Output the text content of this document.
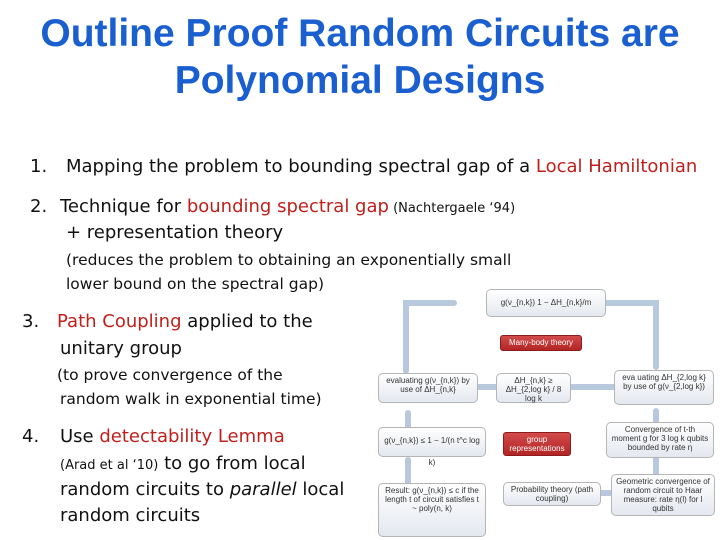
Outline Proof Random Circuits are
Polynomial Designs
1. Mapping the problem to bounding spectral gap of a Local Hamiltonian
2. Technique for bounding spectral gap (Nachtergaele ‘94)
+ representation theory
(reduces the problem to obtaining an exponentially small
lower bound on the spectral gap)
3. Path Coupling applied to the
unitary group
(to prove convergence of the
random walk in exponential time)
4. Use detectability Lemma
(Arad et al ‘10) to go from local
random circuits to parallel local
random circuits
g(ν_{n,k}) 1 − ΔH_{n,k}/m
Many-body theory
evaluating g(ν_{n,k}) by use of ΔH_{n,k}
ΔH_{n,k} ≥ ΔH_{2,log k} / 8 log k
eva uating ΔH_{2,log k} by use of g(ν_{2,log k})
g(ν_{n,k}) ≤ 1 − 1/(n t^c log k)
group representations
Convergence of t-th moment g for 3 log k qubits bounded by rate η
Result: g(ν_{n,k}) ≤ c if the length t of circuit satisfies t ~ poly(n, k)
Probability theory (path coupling)
Geometric convergence of random circuit to Haar measure: rate η(l) for l qubits
